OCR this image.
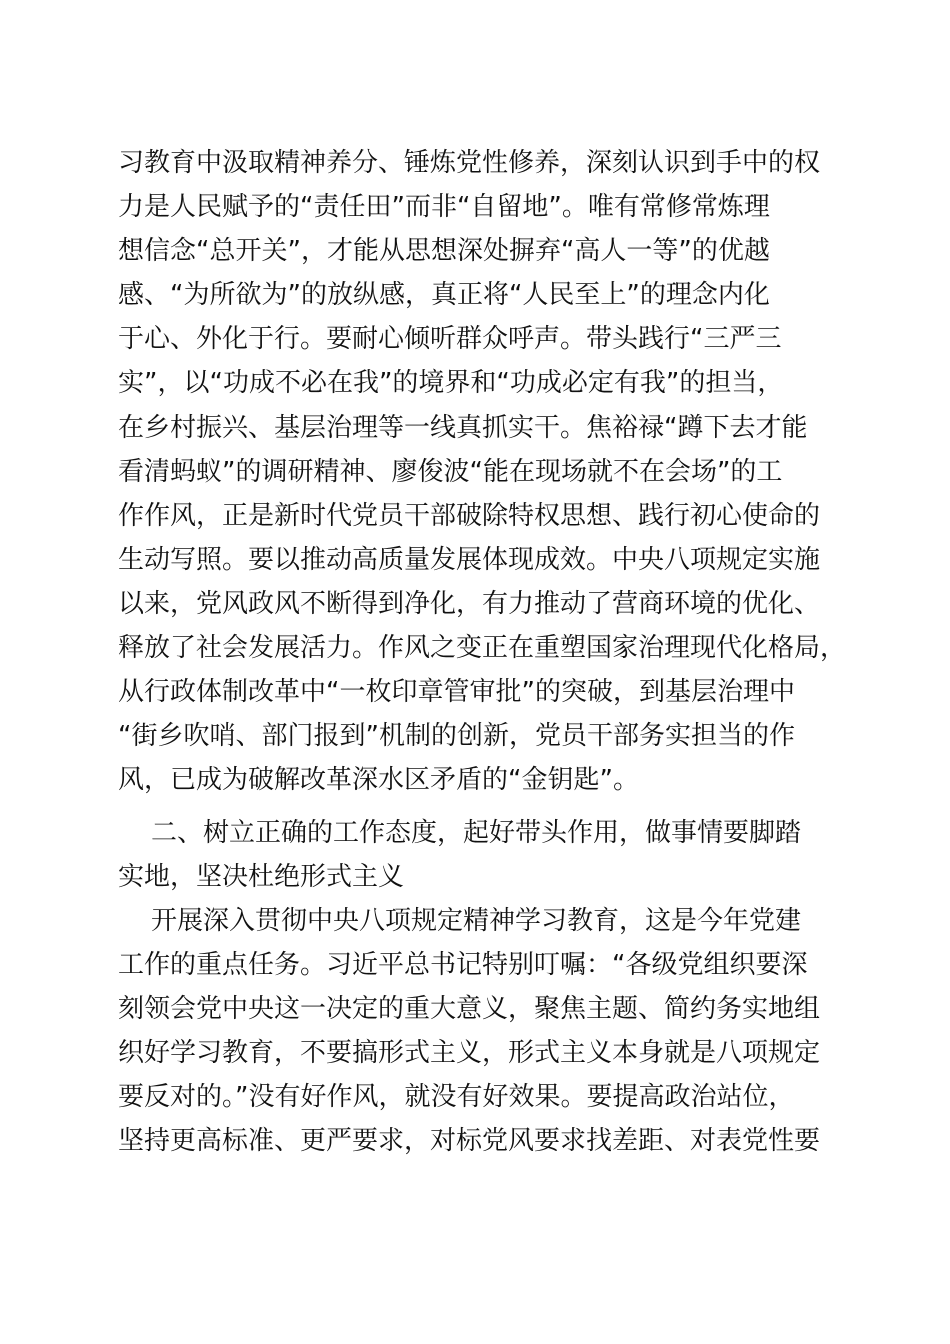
习教育中汲取精神养分、锤炼党性修养，深刻认识到手中的权
力是人民赋予的“责任田”而非“自留地”。唯有常修常炼理
想信念“总开关”，才能从思想深处摒弃“高人一等”的优越
感、“为所欲为”的放纵感，真正将“人民至上”的理念内化
于心、外化于行。要耐心倾听群众呼声。带头践行“三严三
实”，以“功成不必在我”的境界和“功成必定有我”的担当，
在乡村振兴、基层治理等一线真抓实干。焦裕禄“蹲下去才能
看清蚂蚁”的调研精神、廖俊波“能在现场就不在会场”的工
作作风，正是新时代党员干部破除特权思想、践行初心使命的
生动写照。要以推动高质量发展体现成效。中央八项规定实施
以来，党风政风不断得到净化，有力推动了营商环境的优化、
释放了社会发展活力。作风之变正在重塑国家治理现代化格局，
从行政体制改革中“一枚印章管审批”的突破，到基层治理中
“街乡吹哨、部门报到”机制的创新，党员干部务实担当的作
风，已成为破解改革深水区矛盾的“金钥匙”。
二、树立正确的工作态度，起好带头作用，做事情要脚踏
实地，坚决杜绝形式主义
开展深入贯彻中央八项规定精神学习教育，这是今年党建
工作的重点任务。习近平总书记特别叮嘱：“各级党组织要深
刻领会党中央这一决定的重大意义，聚焦主题、简约务实地组
织好学习教育，不要搞形式主义，形式主义本身就是八项规定
要反对的。”没有好作风，就没有好效果。要提高政治站位，
坚持更高标准、更严要求，对标党风要求找差距、对表党性要
